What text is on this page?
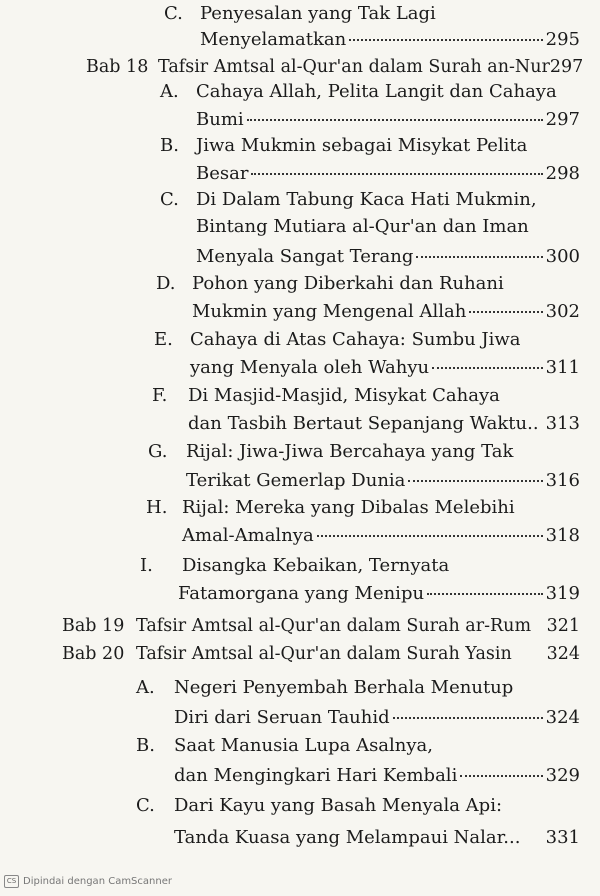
C. Penyesalan yang Tak Lagi
Menyelamatkan	295
Bab 18 Tafsir Amtsal al-Qur'an dalam Surah an-Nur 297
A. Cahaya Allah, Pelita Langit dan Cahaya
Bumi	297
B. Jiwa Mukmin sebagai Misykat Pelita
Besar	298
C. Di Dalam Tabung Kaca Hati Mukmin,
Bintang Mutiara al-Qur'an dan Iman
Menyala Sangat Terang	300
D. Pohon yang Diberkahi dan Ruhani
Mukmin yang Mengenal Allah	302
E. Cahaya di Atas Cahaya: Sumbu Jiwa
yang Menyala oleh Wahyu	311
F. Di Masjid-Masjid, Misykat Cahaya
dan Tasbih Bertaut Sepanjang Waktu.. 313
G. Rijal: Jiwa-Jiwa Bercahaya yang Tak
Terikat Gemerlap Dunia	316
H. Rijal: Mereka yang Dibalas Melebihi
Amal-Amalnya	318
I. Disangka Kebaikan, Ternyata
Fatamorgana yang Menipu	319
Bab 19 Tafsir Amtsal al-Qur'an dalam Surah ar-Rum 321
Bab 20 Tafsir Amtsal al-Qur'an dalam Surah Yasin 324
A. Negeri Penyembah Berhala Menutup
Diri dari Seruan Tauhid	324
B. Saat Manusia Lupa Asalnya,
dan Mengingkari Hari Kembali	329
C. Dari Kayu yang Basah Menyala Api:
Tanda Kuasa yang Melampaui Nalar... 331
CS Dipindai dengan CamScanner
